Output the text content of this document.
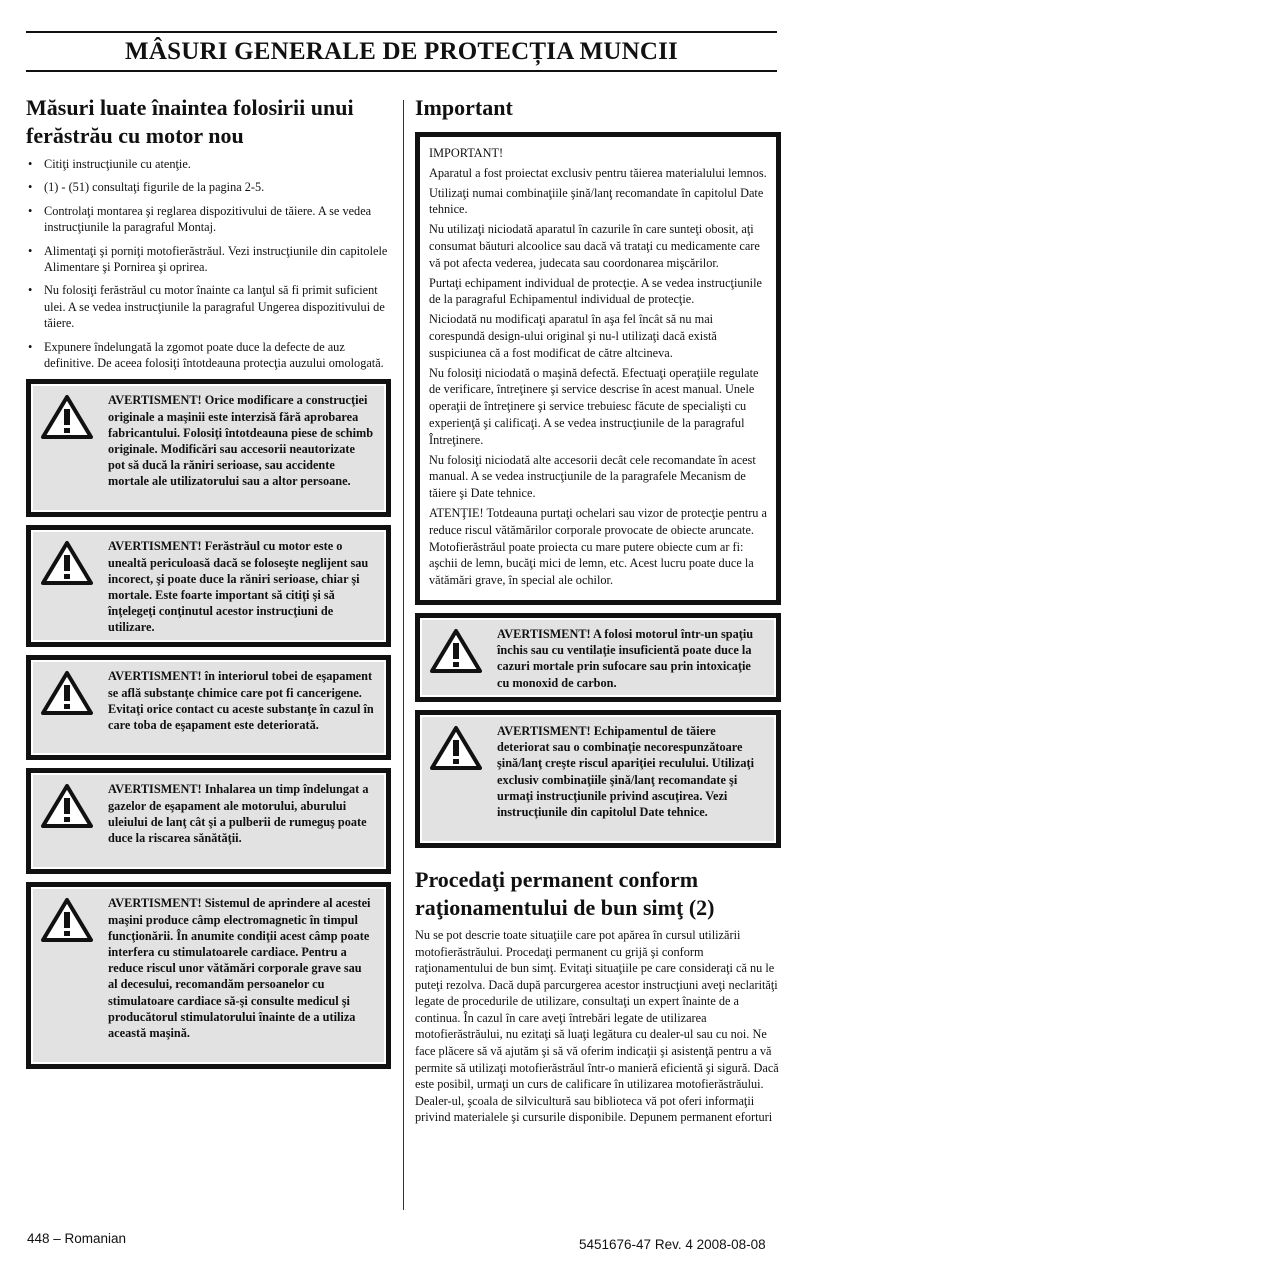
MÂSURI GENERALE DE PROTECȚIA MUNCII
Măsuri luate înaintea folosirii unui ferăstrău cu motor nou
• Citiţi instrucţiunile cu atenţie.
• (1) - (51) consultaţi figurile de la pagina 2-5.
• Controlaţi montarea şi reglarea dispozitivului de tăiere. A se vedea instrucţiunile la paragraful Montaj.
• Alimentaţi şi porniţi motofierăstrăul. Vezi instrucţiunile din capitolele Alimentare şi Pornirea şi oprirea.
• Nu folosiţi ferăstrăul cu motor înainte ca lanţul să fi primit suficient ulei. A se vedea instrucţiunile la paragraful Ungerea dispozitivului de tăiere.
• Expunere îndelungată la zgomot poate duce la defecte de auz definitive. De aceea folosiţi întotdeauna protecţia auzului omologată.
AVERTISMENT! Orice modificare a construcţiei originale a maşinii este interzisă fără aprobarea fabricantului. Folosiţi întotdeauna piese de schimb originale. Modificări sau accesorii neautorizate pot să ducă la răniri serioase, sau accidente mortale ale utilizatorului sau a altor persoane.
AVERTISMENT! Ferăstrăul cu motor este o unealtă periculoasă dacă se foloseşte neglijent sau incorect, şi poate duce la răniri serioase, chiar şi mortale. Este foarte important să citiţi şi să înţelegeţi conţinutul acestor instrucţiuni de utilizare.
AVERTISMENT! în interiorul tobei de eşapament se află substanţe chimice care pot fi cancerigene. Evitaţi orice contact cu aceste substanţe în cazul în care toba de eşapament este deteriorată.
AVERTISMENT! Inhalarea un timp îndelungat a gazelor de eşapament ale motorului, aburului uleiului de lanţ cât şi a pulberii de rumeguş poate duce la riscarea sănătăţii.
AVERTISMENT! Sistemul de aprindere al acestei maşini produce câmp electromagnetic în timpul funcţionării. În anumite condiţii acest câmp poate interfera cu stimulatoarele cardiace. Pentru a reduce riscul unor vătămări corporale grave sau al decesului, recomandăm persoanelor cu stimulatoare cardiace să-şi consulte medicul şi producătorul stimulatorului înainte de a utiliza această maşină.
Important

IMPORTANT!

Aparatul a fost proiectat exclusiv pentru tăierea materialului lemnos.

Utilizaţi numai combinaţiile şină/lanţ recomandate în capitolul Date tehnice.

Nu utilizaţi niciodată aparatul în cazurile în care sunteţi obosit, aţi consumat băuturi alcoolice sau dacă vă trataţi cu medicamente care vă pot afecta vederea, judecata sau coordonarea mişcărilor.

Purtaţi echipament individual de protecţie. A se vedea instrucţiunile de la paragraful Echipamentul individual de protecţie.

Niciodată nu modificaţi aparatul în aşa fel încât să nu mai corespundă design-ului original şi nu-l utilizaţi dacă există suspiciunea că a fost modificat de către altcineva.

Nu folosiţi niciodată o maşină defectă. Efectuaţi operaţiile regulate de verificare, întreţinere şi service descrise în acest manual. Unele operaţii de întreţinere şi service trebuiesc făcute de specialişti cu experienţă şi calificaţi. A se vedea instrucţiunile de la paragraful Întreţinere.

Nu folosiţi niciodată alte accesorii decât cele recomandate în acest manual. A se vedea instrucţiunile de la paragrafele Mecanism de tăiere şi Date tehnice.

ATENŢIE! Totdeauna purtaţi ochelari sau vizor de protecţie pentru a reduce riscul vătămărilor corporale provocate de obiecte aruncate. Motofierăstrăul poate proiecta cu mare putere obiecte cum ar fi: aşchii de lemn, bucăţi mici de lemn, etc. Acest lucru poate duce la vătămări grave, în special ale ochilor.

AVERTISMENT! A folosi motorul într-un spaţiu închis sau cu ventilaţie insuficientă poate duce la cazuri mortale prin sufocare sau prin intoxicaţie cu monoxid de carbon.
AVERTISMENT! Echipamentul de tăiere deteriorat sau o combinaţie necorespunzătoare şină/lanţ creşte riscul apariţiei reculului. Utilizaţi exclusiv combinaţiile şină/lanţ recomandate şi urmaţi instrucţiunile privind ascuţirea. Vezi instrucţiunile din capitolul Date tehnice.
Procedaţi permanent conform raţionamentului de bun simţ (2)

Nu se pot descrie toate situaţiile care pot apărea în cursul utilizării motofierăstrăului. Procedaţi permanent cu grijă şi conform raţionamentului de bun simţ. Evitaţi situaţiile pe care consideraţi că nu le puteţi rezolva. Dacă după parcurgerea acestor instrucţiuni aveţi neclarităţi legate de procedurile de utilizare, consultaţi un expert înainte de a continua. În cazul în care aveţi întrebări legate de utilizarea motofierăstrăului, nu ezitaţi să luaţi legătura cu dealer-ul sau cu noi. Ne face plăcere să vă ajutăm şi să vă oferim indicaţii şi asistenţă pentru a vă permite să utilizaţi motofierăstrăul într-o manieră eficientă şi sigură. Dacă este posibil, urmaţi un curs de calificare în utilizarea motofierăstrăului. Dealer-ul, şcoala de silvicultură sau biblioteca vă pot oferi informaţii privind materialele şi cursurile disponibile. Depunem permanent eforturi

448 – Romanian	5451676-47 Rev. 4 2008-08-08
